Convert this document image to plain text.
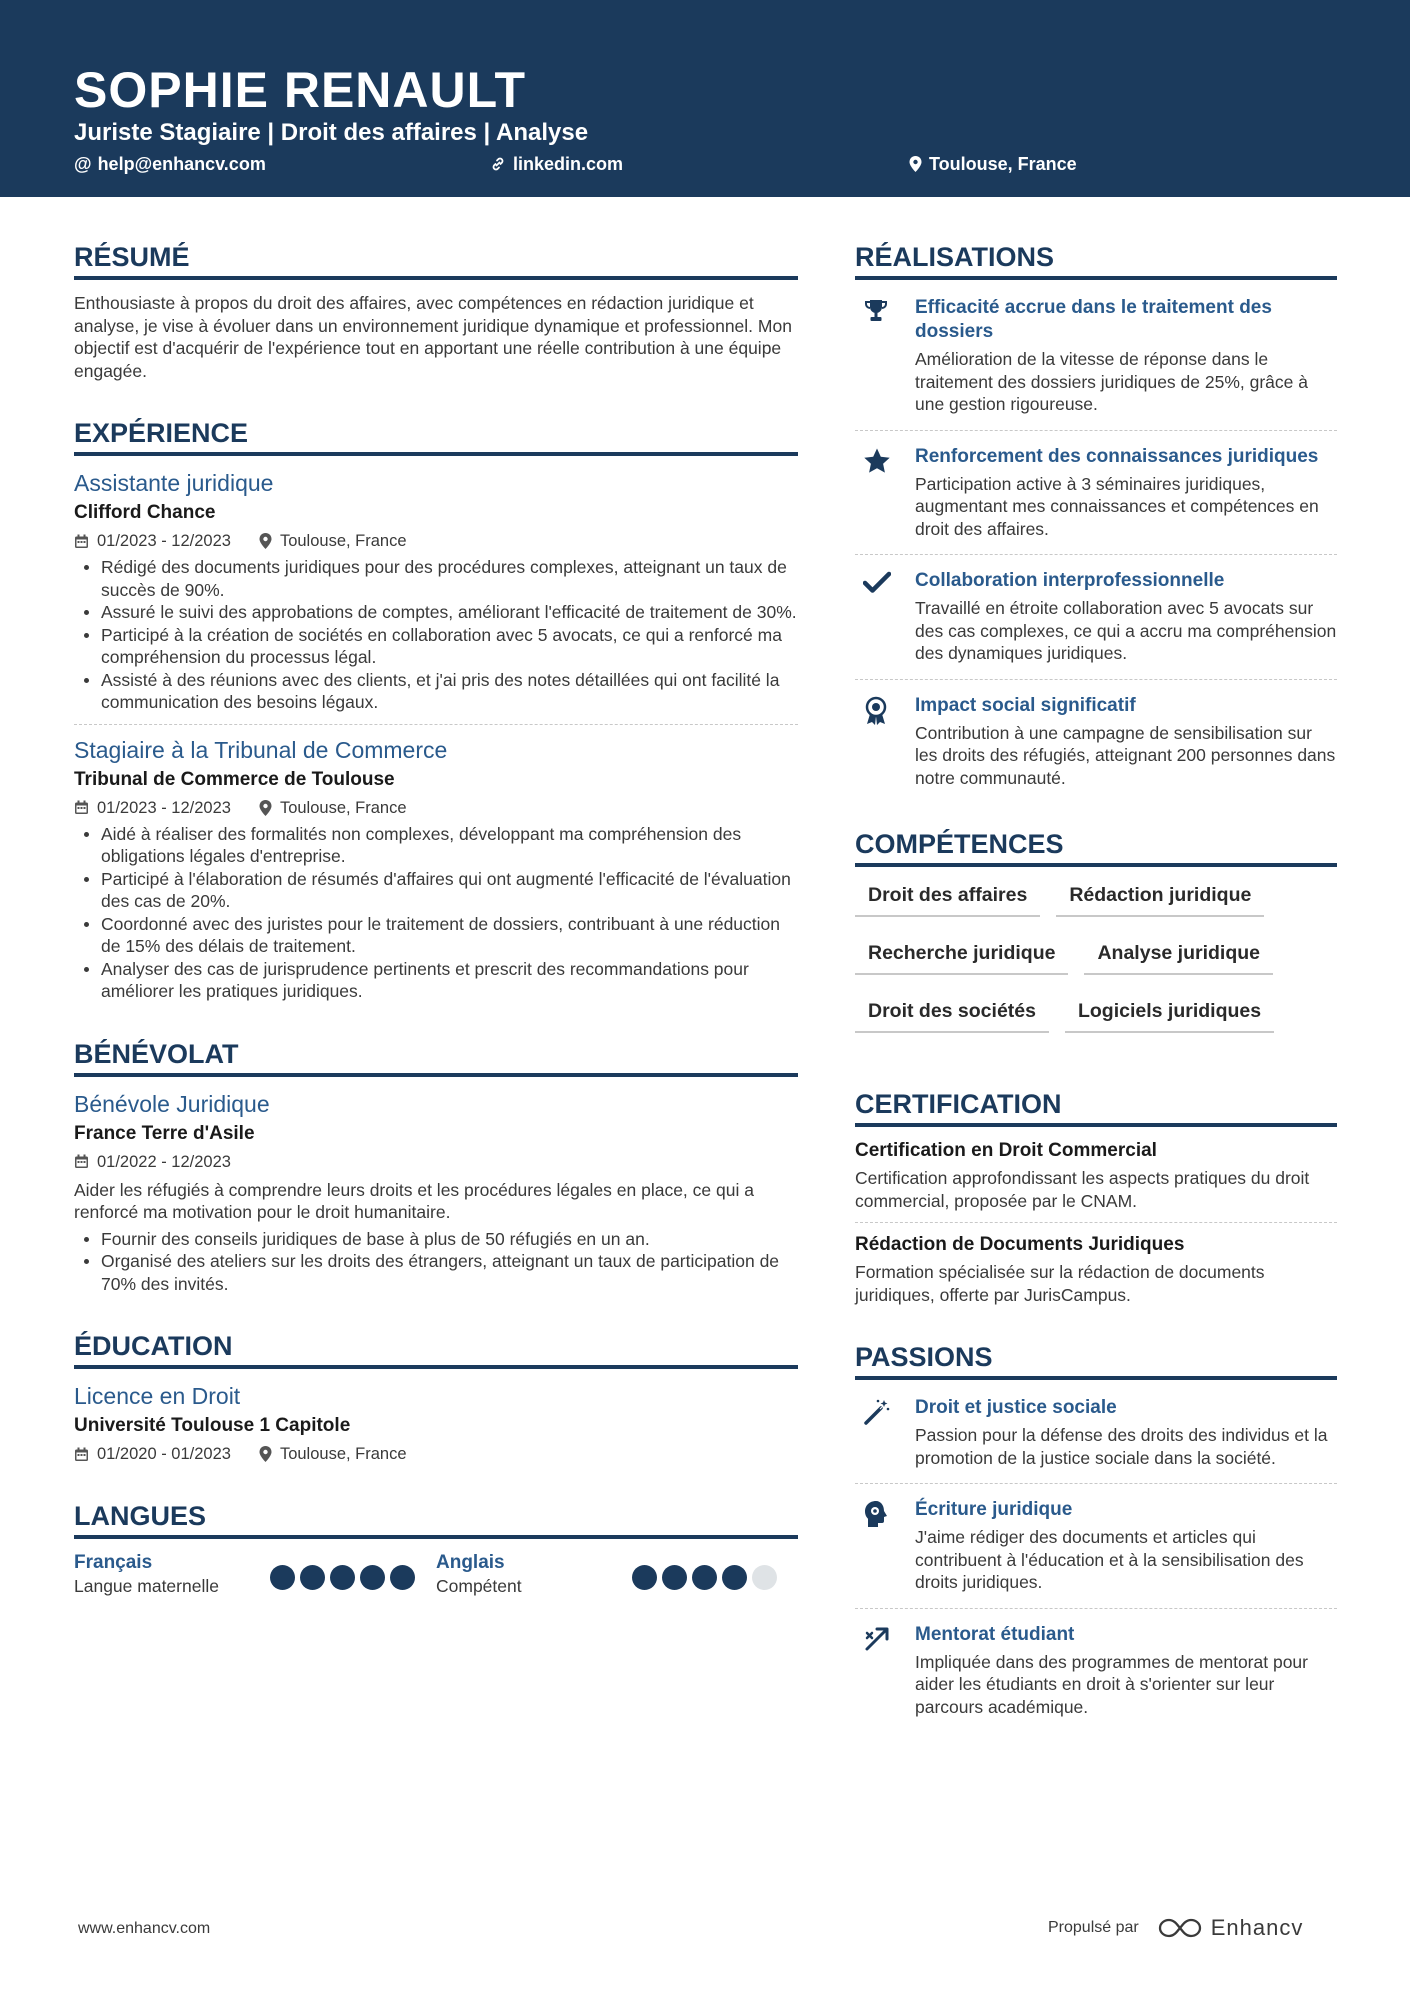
SOPHIE RENAULT
Juriste Stagiaire | Droit des affaires | Analyse
@ help@enhancv.com	linkedin.com	Toulouse, France
RÉSUMÉ

Enthousiaste à propos du droit des affaires, avec compétences en rédaction juridique et analyse, je vise à évoluer dans un environnement juridique dynamique et professionnel. Mon objectif est d'acquérir de l'expérience tout en apportant une réelle contribution à une équipe engagée.

EXPÉRIENCE
Assistante juridique
Clifford Chance
01/2023 - 12/2023	Toulouse, France
Rédigé des documents juridiques pour des procédures complexes, atteignant un taux de succès de 90%.
Assuré le suivi des approbations de comptes, améliorant l'efficacité de traitement de 30%.
Participé à la création de sociétés en collaboration avec 5 avocats, ce qui a renforcé ma compréhension du processus légal.
Assisté à des réunions avec des clients, et j'ai pris des notes détaillées qui ont facilité la communication des besoins légaux.
Stagiaire à la Tribunal de Commerce
Tribunal de Commerce de Toulouse
01/2023 - 12/2023	Toulouse, France
Aidé à réaliser des formalités non complexes, développant ma compréhension des obligations légales d'entreprise.
Participé à l'élaboration de résumés d'affaires qui ont augmenté l'efficacité de l'évaluation des cas de 20%.
Coordonné avec des juristes pour le traitement de dossiers, contribuant à une réduction de 15% des délais de traitement.
Analyser des cas de jurisprudence pertinents et prescrit des recommandations pour améliorer les pratiques juridiques.
BÉNÉVOLAT
Bénévole Juridique
France Terre d'Asile
01/2022 - 12/2023

Aider les réfugiés à comprendre leurs droits et les procédures légales en place, ce qui a renforcé ma motivation pour le droit humanitaire.

Fournir des conseils juridiques de base à plus de 50 réfugiés en un an.
Organisé des ateliers sur les droits des étrangers, atteignant un taux de participation de 70% des invités.
ÉDUCATION
Licence en Droit
Université Toulouse 1 Capitole
01/2020 - 01/2023	Toulouse, France
LANGUES
Français
Langue maternelle
Anglais
Compétent
RÉALISATIONS
Efficacité accrue dans le traitement des dossiers
Amélioration de la vitesse de réponse dans le traitement des dossiers juridiques de 25%, grâce à une gestion rigoureuse.
Renforcement des connaissances juridiques
Participation active à 3 séminaires juridiques, augmentant mes connaissances et compétences en droit des affaires.
Collaboration interprofessionnelle
Travaillé en étroite collaboration avec 5 avocats sur des cas complexes, ce qui a accru ma compréhension des dynamiques juridiques.
Impact social significatif
Contribution à une campagne de sensibilisation sur les droits des réfugiés, atteignant 200 personnes dans notre communauté.
COMPÉTENCES
Droit des affaires	Rédaction juridique
Recherche juridique	Analyse juridique
Droit des sociétés	Logiciels juridiques
CERTIFICATION
Certification en Droit Commercial
Certification approfondissant les aspects pratiques du droit commercial, proposée par le CNAM.
Rédaction de Documents Juridiques
Formation spécialisée sur la rédaction de documents juridiques, offerte par JurisCampus.
PASSIONS
Droit et justice sociale
Passion pour la défense des droits des individus et la promotion de la justice sociale dans la société.
Écriture juridique
J'aime rédiger des documents et articles qui contribuent à l'éducation et à la sensibilisation des droits juridiques.
Mentorat étudiant
Impliquée dans des programmes de mentorat pour aider les étudiants en droit à s'orienter sur leur parcours académique.
www.enhancv.com	Propulsé par	Enhancv
